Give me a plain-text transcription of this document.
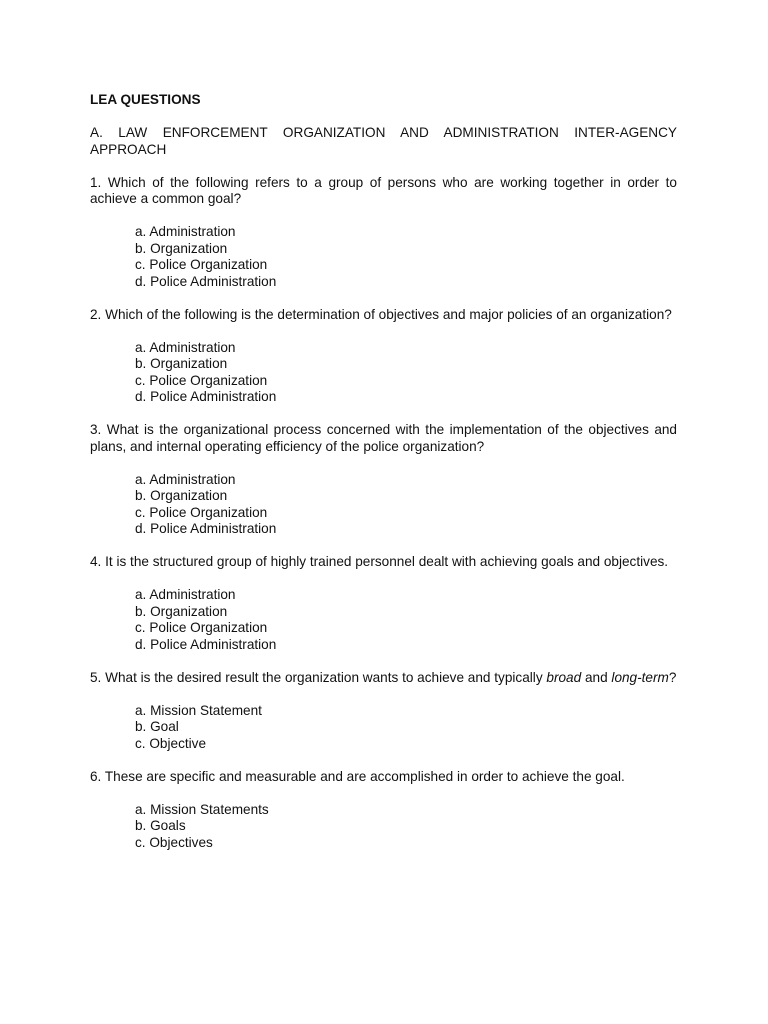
LEA QUESTIONS
A. LAW ENFORCEMENT ORGANIZATION AND ADMINISTRATION INTER-AGENCY APPROACH
1. Which of the following refers to a group of persons who are working together in order to achieve a common goal?
a. Administration
b. Organization
c. Police Organization
d. Police Administration
2. Which of the following is the determination of objectives and major policies of an organization?
a. Administration
b. Organization
c. Police Organization
d. Police Administration
3. What is the organizational process concerned with the implementation of the objectives and plans, and internal operating efficiency of the police organization?
a. Administration
b. Organization
c. Police Organization
d. Police Administration
4. It is the structured group of highly trained personnel dealt with achieving goals and objectives.
a. Administration
b. Organization
c. Police Organization
d. Police Administration
5. What is the desired result the organization wants to achieve and typically broad and long-term?
a. Mission Statement
b. Goal
c. Objective
6. These are specific and measurable and are accomplished in order to achieve the goal.
a. Mission Statements
b. Goals
c. Objectives
